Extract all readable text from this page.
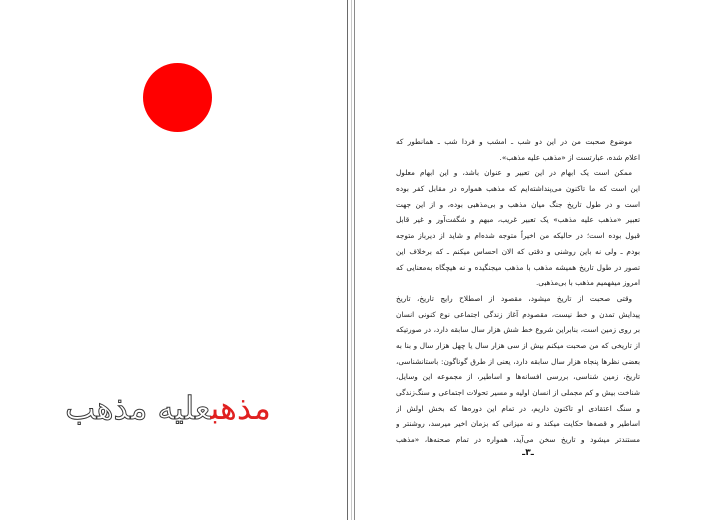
مذهبعلیه مذهب
موضوع صحبت من در این دو شب ـ امشب و فردا شب ـ همانطور که
اعلام شده، عبارتست از «مذهب علیه مذهب».
ممکن است یک ابهام در این تعبیر و عنوان باشد، و این ابهام معلول
این است که ما تاکنون می‌پنداشته‌ایم که مذهب همواره در مقابل کفر بوده
است و در طول تاریخ جنگ میان مذهب و بی‌مذهبی بوده، و از این جهت
تعبیر «مذهب علیه مذهب» یک تعبیر غریب، مبهم و شگفت‌آور و غیر قابل
قبول بوده است؛ در حالیکه من اخیراً متوجه شده‌ام و شاید از دیرباز متوجه
بودم ـ ولی نه باین روشنی و دقتی که الان احساس میکنم ـ که برخلاف این
تصور در طول تاریخ همیشه مذهب با مذهب میجنگیده و نه هیچگاه به‌معنایی که
امروز میفهمیم مذهب با بی‌مذهبی.
وقتی صحبت از تاریخ میشود، مقصود از اصطلاح رایج تاریخ، تاریخ
پیدایش تمدن و خط نیست، مقصودم آغاز زندگی اجتماعی نوع کنونی انسان
بر روی زمین است، بنابراین شروع خط شش هزار سال سابقه دارد، در صورتیکه
از تاریخی که من صحبت میکنم بیش از سی هزار سال یا چهل هزار سال و بنا به
بعضی نظرها پنجاه هزار سال سابقه دارد، یعنی از طرق گوناگون: باستانشناسی،
تاریخ، زمین شناسی، بررسی افسانه‌ها و اساطیر، از مجموعه این وسایل،
شناخت بیش و کم مجملی از انسان اولیه و مسیر تحولات اجتماعی و سنگ‌زندگی
و سنگ اعتقادی او تاکنون داریم، در تمام این دوره‌ها که بخش اولش از
اساطیر و قصه‌ها حکایت میکند و نه میزانی که بزمان اخیر میرسد، روشنتر و
مستندتر میشود و تاریخ سخن می‌آید، همواره در تمام صحنه‌ها، «مذهب
ـ۳ـ
